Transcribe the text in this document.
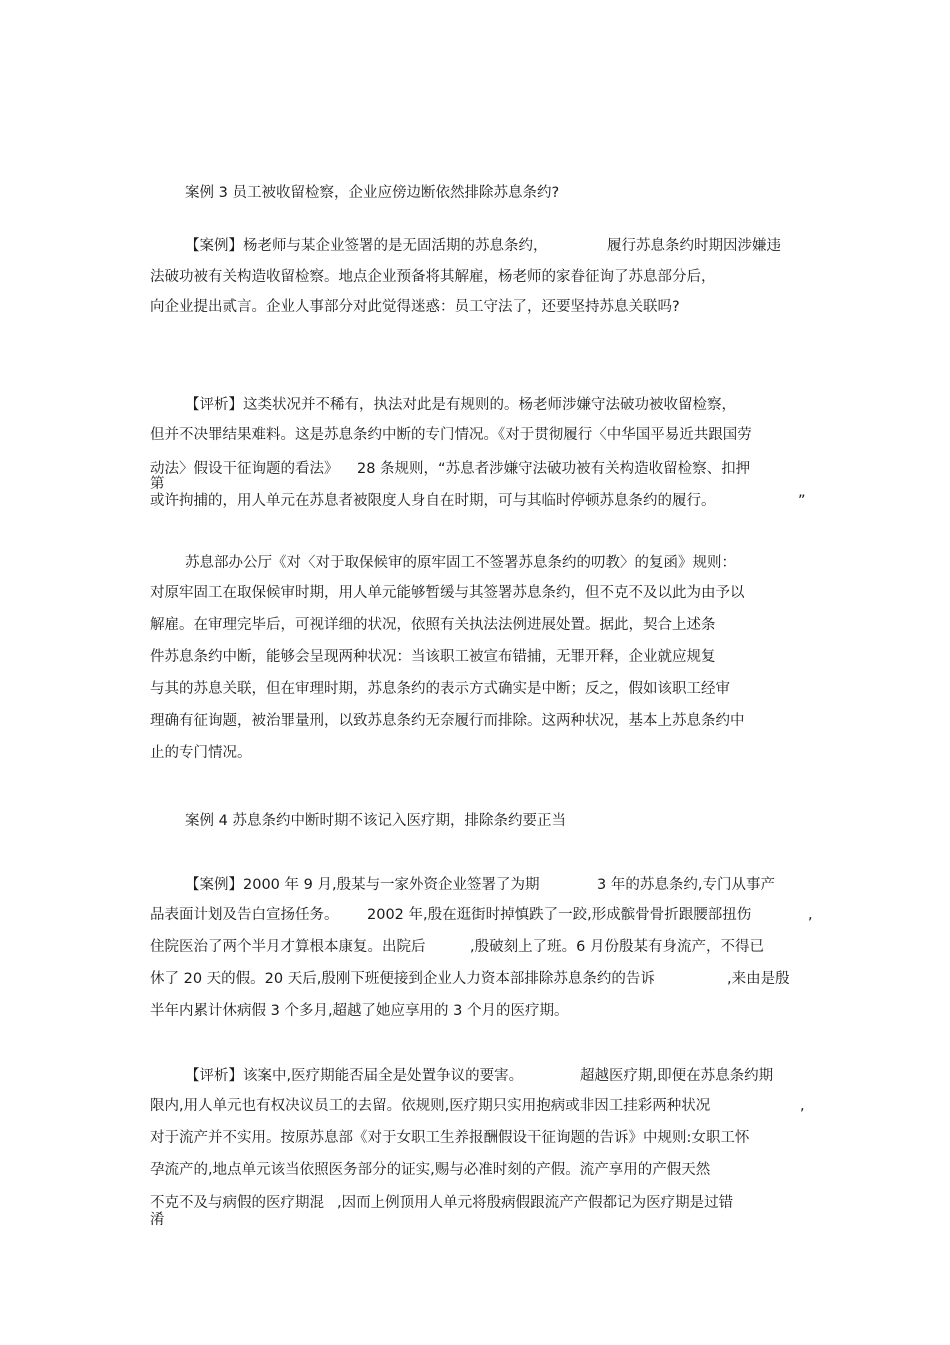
案例 3 员工被收留检察，企业应傍边断依然排除苏息条约?
【案例】杨老师与某企业签署的是无固活期的苏息条约，	履行苏息条约时期因涉嫌违
法破功被有关构造收留检察。地点企业预备将其解雇，杨老师的家眷征询了苏息部分后，
向企业提出贰言。企业人事部分对此觉得迷惑：员工守法了，还要坚持苏息关联吗?
【评析】这类状况并不稀有，执法对此是有规则的。杨老师涉嫌守法破功被收留检察，
但并不决罪结果难料。这是苏息条约中断的专门情况。《对于贯彻履行〈中华国平易近共跟国劳
动法〉假设干征询题的看法》 28 条规则，“苏息者涉嫌守法破功被有关构造收留检察、扣押
第
或许拘捕的，用人单元在苏息者被限度人身自在时期，可与其临时停顿苏息条约的履行。	”
苏息部办公厅《对〈对于取保候审的原牢固工不签署苏息条约的叨教〉的复函》规则：
对原牢固工在取保候审时期，用人单元能够暂缓与其签署苏息条约，但不克不及以此为由予以
解雇。在审理完毕后，可视详细的状况，依照有关执法法例进展处置。据此，契合上述条
件苏息条约中断，能够会呈现两种状况：当该职工被宣布错捕，无罪开释，企业就应规复
与其的苏息关联，但在审理时期，苏息条约的表示方式确实是中断；反之，假如该职工经审
理确有征询题，被治罪量刑，以致苏息条约无奈履行而排除。这两种状况，基本上苏息条约中
止的专门情况。
案例 4 苏息条约中断时期不该记入医疗期，排除条约要正当
【案例】2000 年 9 月,殷某与一家外资企业签署了为期	3 年的苏息条约,专门从事产
品表面计划及告白宣扬任务。 2002 年,殷在逛街时掉慎跌了一跤,形成髌骨骨折跟腰部扭伤	,
住院医治了两个半月才算根本康复。出院后	,殷破刻上了班。6 月份殷某有身流产，不得已
休了 20 天的假。20 天后,殷刚下班便接到企业人力资本部排除苏息条约的告诉	,来由是殷
半年内累计休病假 3 个多月,超越了她应享用的 3 个月的医疗期。
【评析】该案中,医疗期能否届全是处置争议的要害。	超越医疗期,即便在苏息条约期
限内,用人单元也有权决议员工的去留。依规则,医疗期只实用抱病或非因工挂彩两种状况	,
对于流产并不实用。按原苏息部《对于女职工生养报酬假设干征询题的告诉》中规则:女职工怀
孕流产的,地点单元该当依照医务部分的证实,赐与必准时刻的产假。流产享用的产假天然
不克不及与病假的医疗期混 ,因而上例顶用人单元将殷病假跟流产产假都记为医疗期是过错
淆
